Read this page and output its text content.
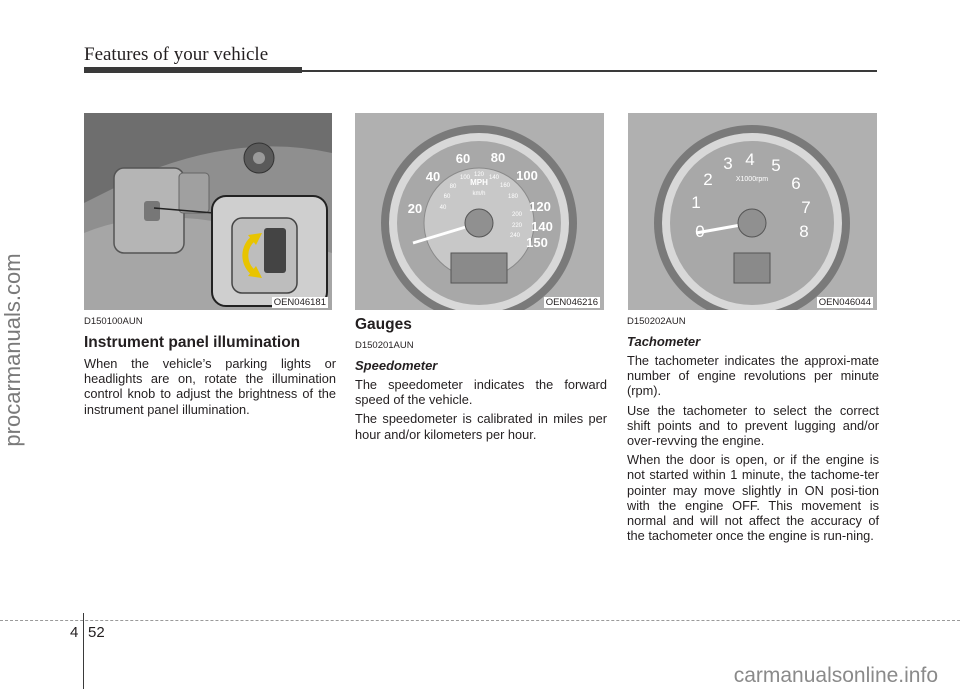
Features of your vehicle
procarmanuals.com	OEN046181
20
40
60 80
100
120
140
150
MPH
km/h
40
60
80
100 120 140
160
180
200
220
240
OEN046216
1
2
3 4 5
6
7
8
X1000rpm
OEN046044
D150100AUN
Instrument panel illumination

When the vehicle’s parking lights or headlights are on, rotate the illumination control knob to adjust the brightness of the instrument panel illumination.

Gauges
D150201AUN
Speedometer

The speedometer indicates the forward speed of the vehicle.

The speedometer is calibrated in miles per hour and/or kilometers per hour.

D150202AUN
Tachometer

The tachometer indicates the approxi-mate number of engine revolutions per minute (rpm).

Use the tachometer to select the correct shift points and to prevent lugging and/or over-revving the engine.

When the door is open, or if the engine is not started within 1 minute, the tachome-ter pointer may move slightly in ON posi-tion with the engine OFF. This movement is normal and will not affect the accuracy of the tachometer once the engine is run-ning.

4 52
carmanualsonline.info
